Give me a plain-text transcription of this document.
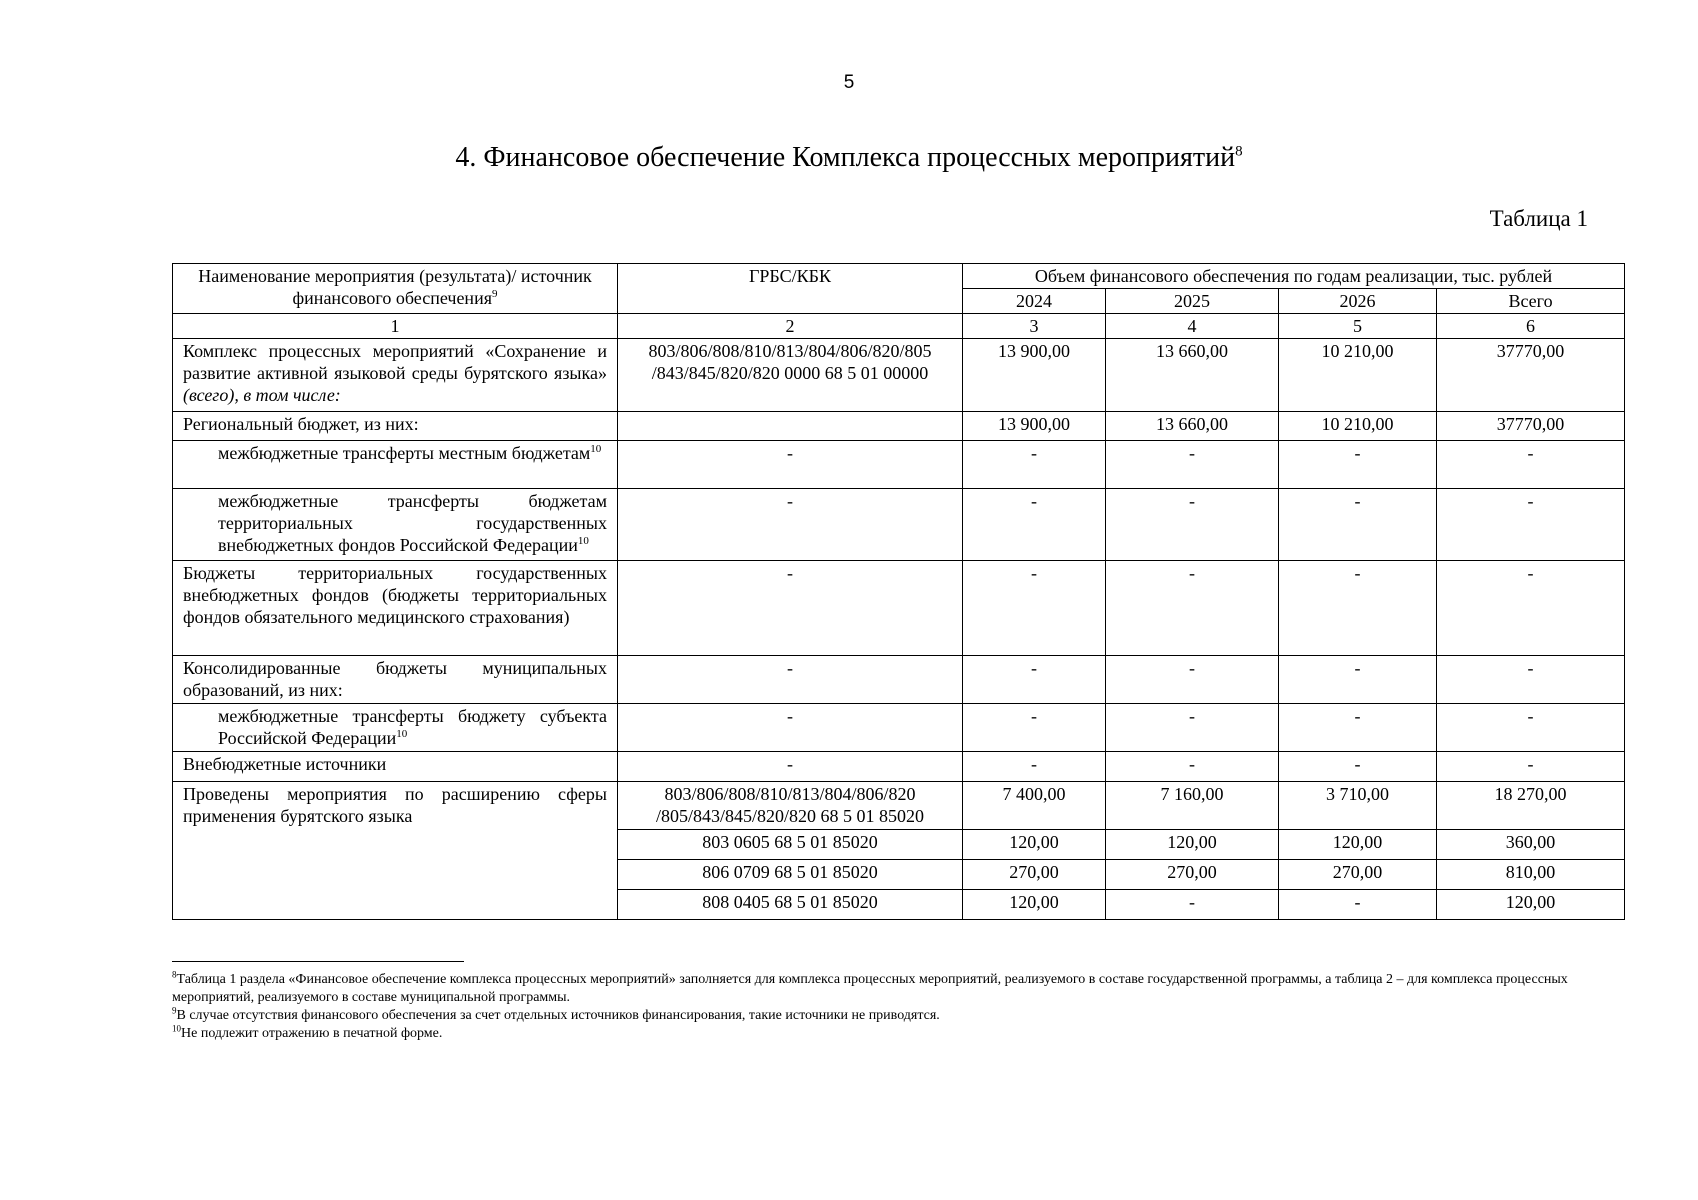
5
4. Финансовое обеспечение Комплекса процессных мероприятий$^8$
Таблица 1
Наименование мероприятия (результата)/ источник финансового обеспечения$^9$	ГРБС/КБК	Объем финансового обеспечения по годам реализации, тыс. рублей			
		2024	2025	2026	Всего
1	2	3	4	5	6
Комплекс процессных мероприятий «Сохранение и развитие активной языковой среды бурятского языка» (всего), в том числе:	803/806/808/810/813/804/806/820/805 /843/845/820/820 0000 68 5 01 00000	13 900,00	13 660,00	10 210,00	37770,00
Региональный бюджет, из них:		13 900,00	13 660,00	10 210,00	37770,00
межбюджетные трансферты местным бюджетам$^{10}$	-	-	-	-	-
межбюджетные трансферты бюджетам территориальных государственных внебюджетных фондов Российской Федерации$^{10}$	-	-	-	-	-
Бюджеты территориальных государственных внебюджетных фондов (бюджеты территориальных фондов обязательного медицинского страхования)	-	-	-	-	-
Консолидированные бюджеты муниципальных образований, из них:	-	-	-	-	-
межбюджетные трансферты бюджету субъекта Российской Федерации$^{10}$	-	-	-	-	-
Внебюджетные источники	-	-	-	-	-
Проведены мероприятия по расширению сферы применения бурятского языка	803/806/808/810/813/804/806/820 /805/843/845/820/820 68 5 01 85020	7 400,00	7 160,00	3 710,00	18 270,00
	803 0605 68 5 01 85020	120,00	120,00	120,00	360,00
	806 0709 68 5 01 85020	270,00	270,00	270,00	810,00
	808 0405 68 5 01 85020	120,00	-	-	120,00

$^8$Таблица 1 раздела «Финансовое обеспечение комплекса процессных мероприятий» заполняется для комплекса процессных мероприятий, реализуемого в составе государственной программы, а таблица 2 – для комплекса процессных мероприятий, реализуемого в составе муниципальной программы.

$^9$В случае отсутствия финансового обеспечения за счет отдельных источников финансирования, такие источники не приводятся.

$^{10}$Не подлежит отражению в печатной форме.
